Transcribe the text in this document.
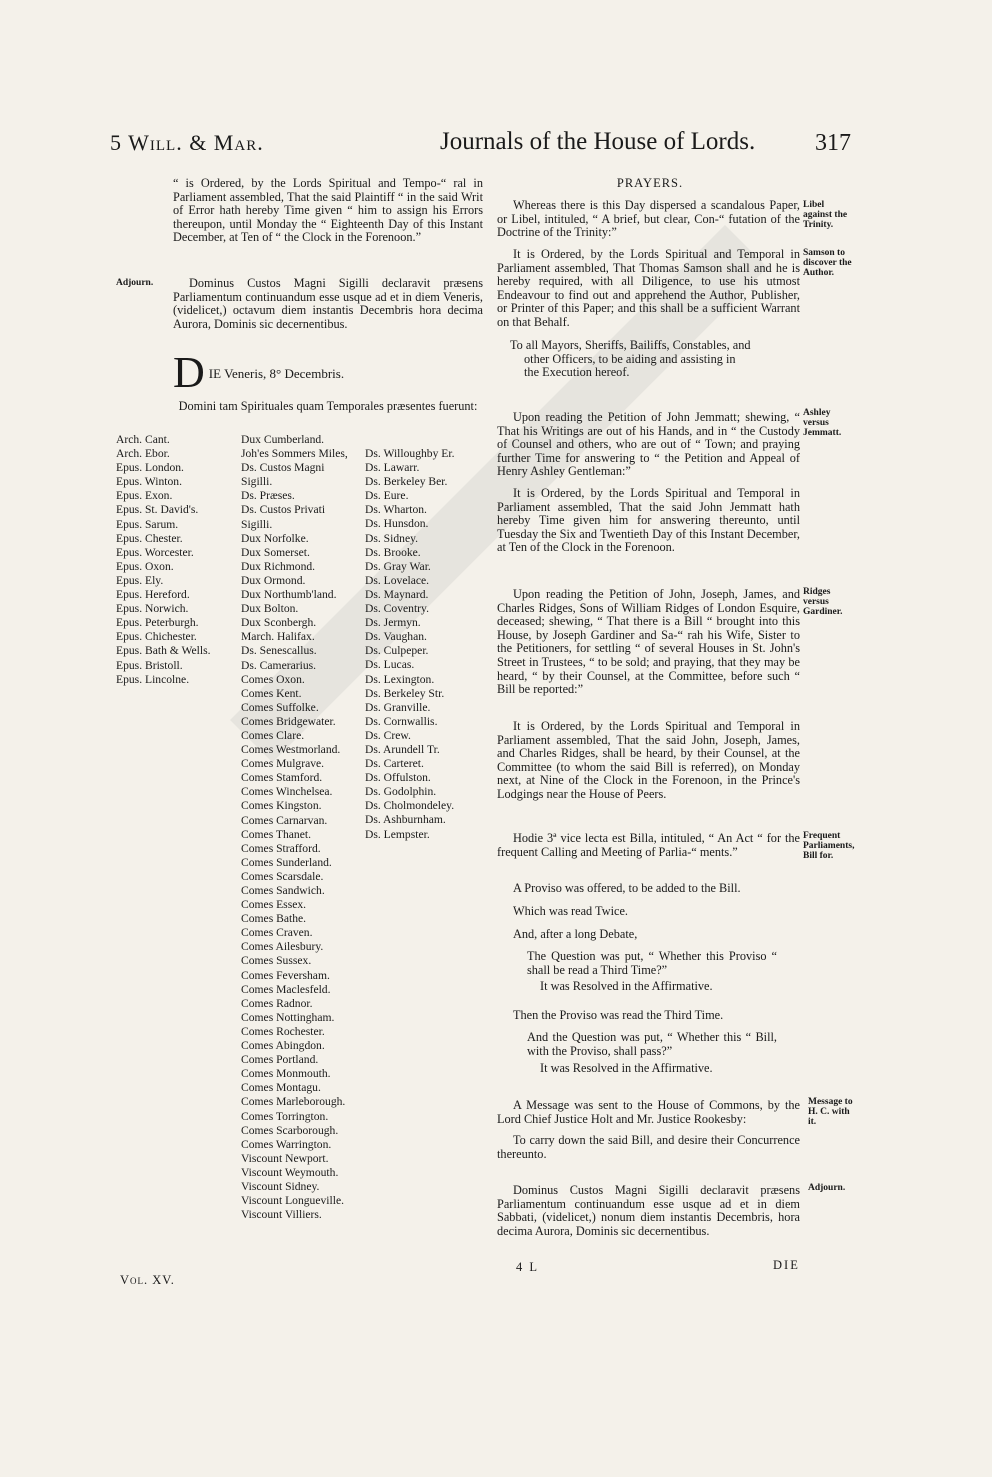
5 Will. & Mar.	Journals of the House of Lords. 317

“ is Ordered, by the Lords Spiritual and Tempo-“ ral in Parliament assembled, That the said Plaintiff “ in the said Writ of Error hath hereby Time given “ him to assign his Errors thereupon, until Monday the “ Eighteenth Day of this Instant December, at Ten of “ the Clock in the Forenoon.”

Adjourn.	Dominus Custos Magni Sigilli declaravit præsens Parliamentum continuandum esse usque ad et in diem Veneris, (videlicet,) octavum diem instantis Decembris hora decima Aurora, Dominis sic decernentibus.

D $_{IE Veneris, 8^\circ Decembris.}$

Domini tam Spirituales quam Temporales præsentes fuerunt:

Arch. Cant.
Arch. Ebor.
Epus. London.
Epus. Winton.
Epus. Exon.
Epus. St. David's.
Epus. Sarum.
Epus. Chester.
Epus. Worcester.
Epus. Oxon.
Epus. Ely.
Epus. Hereford.
Epus. Norwich.
Epus. Peterburgh.
Epus. Chichester.
Epus. Bath & Wells.
Epus. Bristoll.
Epus. Lincolne.
Dux Cumberland.
Joh'es Sommers Miles,
Ds. Custos Magni
Sigilli.
Ds. Præses.
Ds. Custos Privati
Sigilli.
Dux Norfolke.
Dux Somerset.
Dux Richmond.
Dux Ormond.
Dux Northumb'land.
Dux Bolton.
Dux Sconbergh.
March. Halifax.
Ds. Senescallus.
Ds. Camerarius.
Comes Oxon.
Comes Kent.
Comes Suffolke.
Comes Bridgewater.
Comes Clare.
Comes Westmorland.
Comes Mulgrave.
Comes Stamford.
Comes Winchelsea.
Comes Kingston.
Comes Carnarvan.
Comes Thanet.
Comes Strafford.
Comes Sunderland.
Comes Scarsdale.
Comes Sandwich.
Comes Essex.
Comes Bathe.
Comes Craven.
Comes Ailesbury.
Comes Sussex.
Comes Feversham.
Comes Maclesfeld.
Comes Radnor.
Comes Nottingham.
Comes Rochester.
Comes Abingdon.
Comes Portland.
Comes Monmouth.
Comes Montagu.
Comes Marleborough.
Comes Torrington.
Comes Scarborough.
Comes Warrington.
Viscount Newport.
Viscount Weymouth.
Viscount Sidney.
Viscount Longueville.
Viscount Villiers.
Ds. Willoughby Er.
Ds. Lawarr.
Ds. Berkeley Ber.
Ds. Eure.
Ds. Wharton.
Ds. Hunsdon.
Ds. Sidney.
Ds. Brooke.
Ds. Gray War.
Ds. Lovelace.
Ds. Maynard.
Ds. Coventry.
Ds. Jermyn.
Ds. Vaughan.
Ds. Culpeper.
Ds. Lucas.
Ds. Lexington.
Ds. Berkeley Str.
Ds. Granville.
Ds. Cornwallis.
Ds. Crew.
Ds. Arundell Tr.
Ds. Carteret.
Ds. Offulston.
Ds. Godolphin.
Ds. Cholmondeley.
Ds. Ashburnham.
Ds. Lempster.
PRAYERS.
Libel against the Trinity.

Whereas there is this Day dispersed a scandalous Paper, or Libel, intituled, “ A brief, but clear, Con-“ futation of the Doctrine of the Trinity:”

Samson to discover the Author.

It is Ordered, by the Lords Spiritual and Temporal in Parliament assembled, That Thomas Samson shall and he is hereby required, with all Diligence, to use his utmost Endeavour to find out and apprehend the Author, Publisher, or Printer of this Paper; and this shall be a sufficient Warrant on that Behalf.

To all Mayors, Sheriffs, Bailiffs, Constables, and other Officers, to be aiding and assisting in the Execution hereof.

Ashley versus Jemmatt.

Upon reading the Petition of John Jemmatt; shewing, “ That his Writings are out of his Hands, and in “ the Custody of Counsel and others, who are out of “ Town; and praying further Time for answering to “ the Petition and Appeal of Henry Ashley Gentleman:”

It is Ordered, by the Lords Spiritual and Temporal in Parliament assembled, That the said John Jemmatt hath hereby Time given him for answering thereunto, until Tuesday the Six and Twentieth Day of this Instant December, at Ten of the Clock in the Forenoon.

Ridges versus Gardiner.

Upon reading the Petition of John, Joseph, James, and Charles Ridges, Sons of William Ridges of London Esquire, deceased; shewing, “ That there is a Bill “ brought into this House, by Joseph Gardiner and Sa-“ rah his Wife, Sister to the Petitioners, for settling “ of several Houses in St. John's Street in Trustees, “ to be sold; and praying, that they may be heard, “ by their Counsel, at the Committee, before such “ Bill be reported:”

It is Ordered, by the Lords Spiritual and Temporal in Parliament assembled, That the said John, Joseph, James, and Charles Ridges, shall be heard, by their Counsel, at the Committee (to whom the said Bill is referred), on Monday next, at Nine of the Clock in the Forenoon, in the Prince's Lodgings near the House of Peers.

Frequent Parliaments, Bill for.

Hodie 3ª vice lecta est Billa, intituled, “ An Act “ for the frequent Calling and Meeting of Parlia-“ ments.”

A Proviso was offered, to be added to the Bill.

Which was read Twice.

And, after a long Debate,

The Question was put, “ Whether this Proviso “ shall be read a Third Time?”

It was Resolved in the Affirmative.

Then the Proviso was read the Third Time.

And the Question was put, “ Whether this “ Bill, with the Proviso, shall pass?”

It was Resolved in the Affirmative.

Message to H. C. with it.

A Message was sent to the House of Commons, by the Lord Chief Justice Holt and Mr. Justice Rookesby:

To carry down the said Bill, and desire their Concurrence thereunto.

Adjourn.

Dominus Custos Magni Sigilli declaravit præsens Parliamentum continuandum esse usque ad et in diem Sabbati, (videlicet,) nonum diem instantis Decembris, hora decima Aurora, Dominis sic decernentibus.

Vol. XV.
4 L	DIE
